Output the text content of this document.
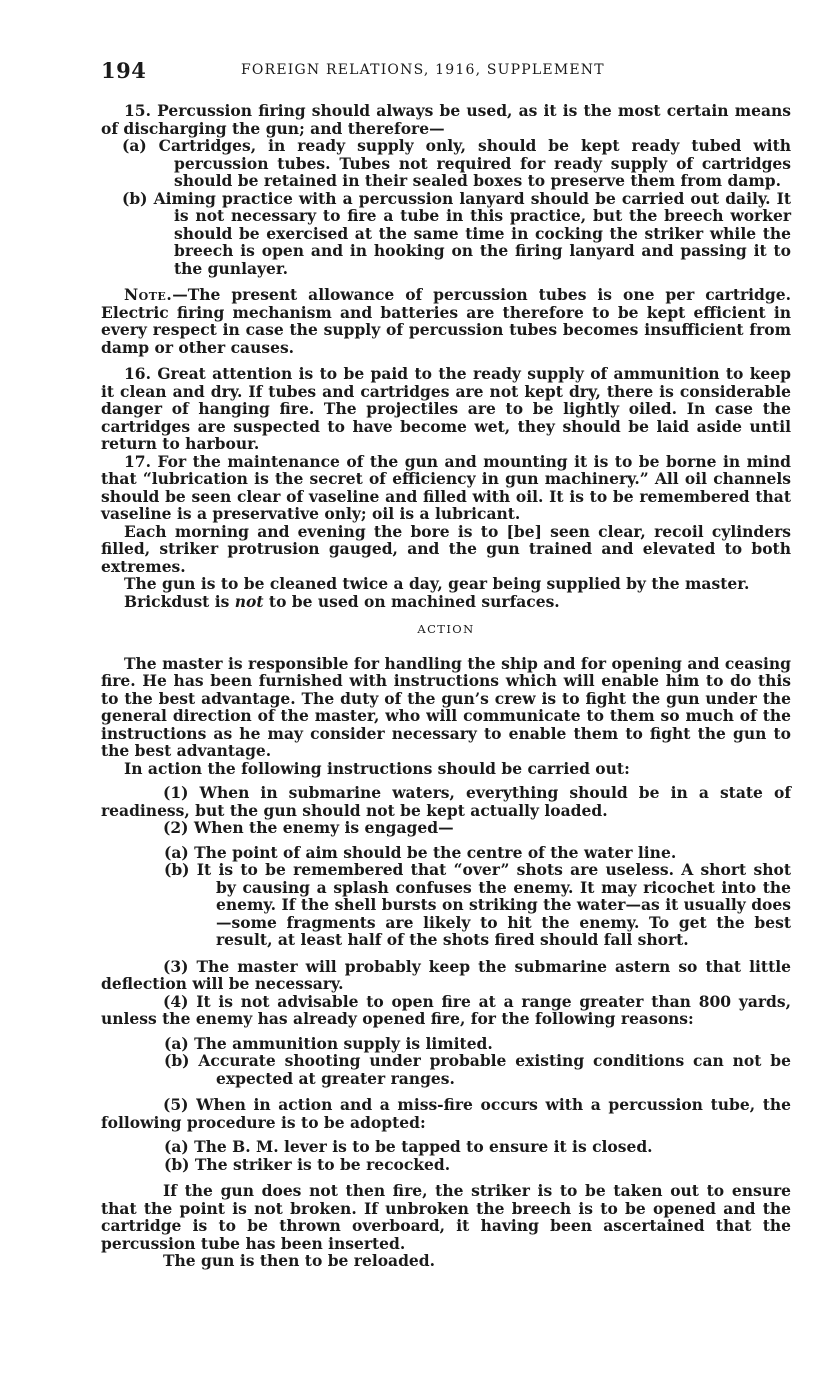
194	FOREIGN RELATIONS, 1916, SUPPLEMENT

15. Percussion firing should always be used, as it is the most certain means of discharging the gun; and therefore—

(a) Cartridges, in ready supply only, should be kept ready tubed with percussion tubes. Tubes not required for ready supply of cartridges should be retained in their sealed boxes to preserve them from damp.

(b) Aiming practice with a percussion lanyard should be carried out daily. It is not necessary to fire a tube in this practice, but the breech worker should be exercised at the same time in cocking the striker while the breech is open and in hooking on the firing lanyard and passing it to the gunlayer.

Note.—The present allowance of percussion tubes is one per cartridge. Electric firing mechanism and batteries are therefore to be kept efficient in every respect in case the supply of percussion tubes becomes insufficient from damp or other causes.

16. Great attention is to be paid to the ready supply of ammunition to keep it clean and dry. If tubes and cartridges are not kept dry, there is considerable danger of hanging fire. The projectiles are to be lightly oiled. In case the cartridges are suspected to have become wet, they should be laid aside until return to harbour.

17. For the maintenance of the gun and mounting it is to be borne in mind that “lubrication is the secret of efficiency in gun machinery.” All oil channels should be seen clear of vaseline and filled with oil. It is to be remembered that vaseline is a preservative only; oil is a lubricant.

Each morning and evening the bore is to [be] seen clear, recoil cylinders filled, striker protrusion gauged, and the gun trained and elevated to both extremes.

The gun is to be cleaned twice a day, gear being supplied by the master.

Brickdust is not to be used on machined surfaces.

ACTION

The master is responsible for handling the ship and for opening and ceasing fire. He has been furnished with instructions which will enable him to do this to the best advantage. The duty of the gun’s crew is to fight the gun under the general direction of the master, who will communicate to them so much of the instructions as he may consider necessary to enable them to fight the gun to the best advantage.

In action the following instructions should be carried out:

(1) When in submarine waters, everything should be in a state of readiness, but the gun should not be kept actually loaded.

(2) When the enemy is engaged—

(a) The point of aim should be the centre of the water line.

(b) It is to be remembered that “over” shots are useless. A short shot by causing a splash confuses the enemy. It may ricochet into the enemy. If the shell bursts on striking the water—as it usually does—some fragments are likely to hit the enemy. To get the best result, at least half of the shots fired should fall short.

(3) The master will probably keep the submarine astern so that little deflection will be necessary.

(4) It is not advisable to open fire at a range greater than 800 yards, unless the enemy has already opened fire, for the following reasons:

(a) The ammunition supply is limited.

(b) Accurate shooting under probable existing conditions can not be expected at greater ranges.

(5) When in action and a miss-fire occurs with a percussion tube, the following procedure is to be adopted:

(a) The B. M. lever is to be tapped to ensure it is closed.

(b) The striker is to be recocked.

If the gun does not then fire, the striker is to be taken out to ensure that the point is not broken. If unbroken the breech is to be opened and the cartridge is to be thrown overboard, it having been ascertained that the percussion tube has been inserted.

The gun is then to be reloaded.
